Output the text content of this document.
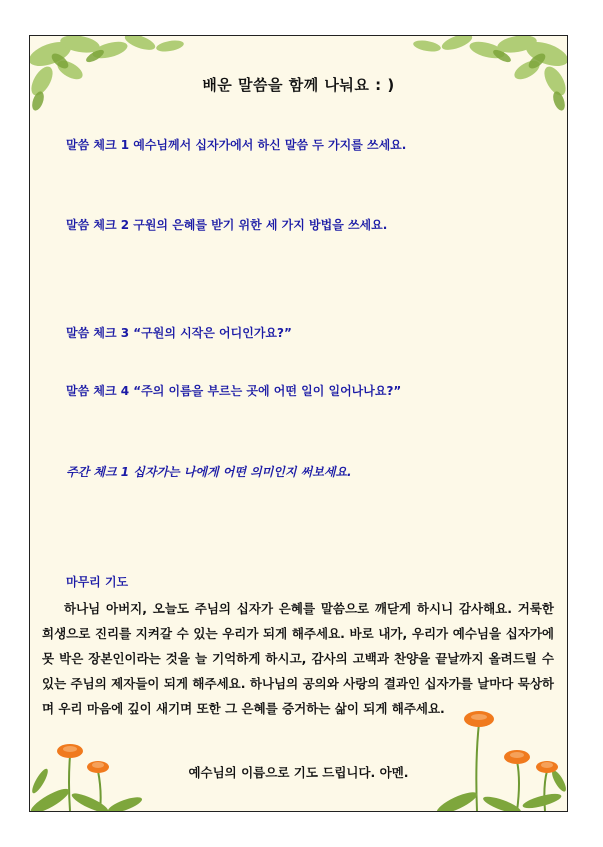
배운 말씀을 함께 나눠요 : )
말씀 체크 1 예수님께서 십자가에서 하신 말씀 두 가지를 쓰세요.
말씀 체크 2 구원의 은혜를 받기 위한 세 가지 방법을 쓰세요.
말씀 체크 3 “구원의 시작은 어디인가요?”
말씀 체크 4 “주의 이름을 부르는 곳에 어떤 일이 일어나나요?”
주간 체크 1 십자가는 나에게 어떤 의미인지 써보세요.
마무리 기도

하나님 아버지, 오늘도 주님의 십자가 은혜를 말씀으로 깨닫게 하시니 감사해요. 거룩한 희생으로 진리를 지켜갈 수 있는 우리가 되게 해주세요. 바로 내가, 우리가 예수님을 십자가에 못 박은 장본인이라는 것을 늘 기억하게 하시고, 감사의 고백과 찬양을 끝날까지 올려드릴 수 있는 주님의 제자들이 되게 해주세요. 하나님의 공의와 사랑의 결과인 십자가를 날마다 묵상하며 우리 마음에 깊이 새기며 또한 그 은혜를 증거하는 삶이 되게 해주세요.

예수님의 이름으로 기도 드립니다. 아멘.
